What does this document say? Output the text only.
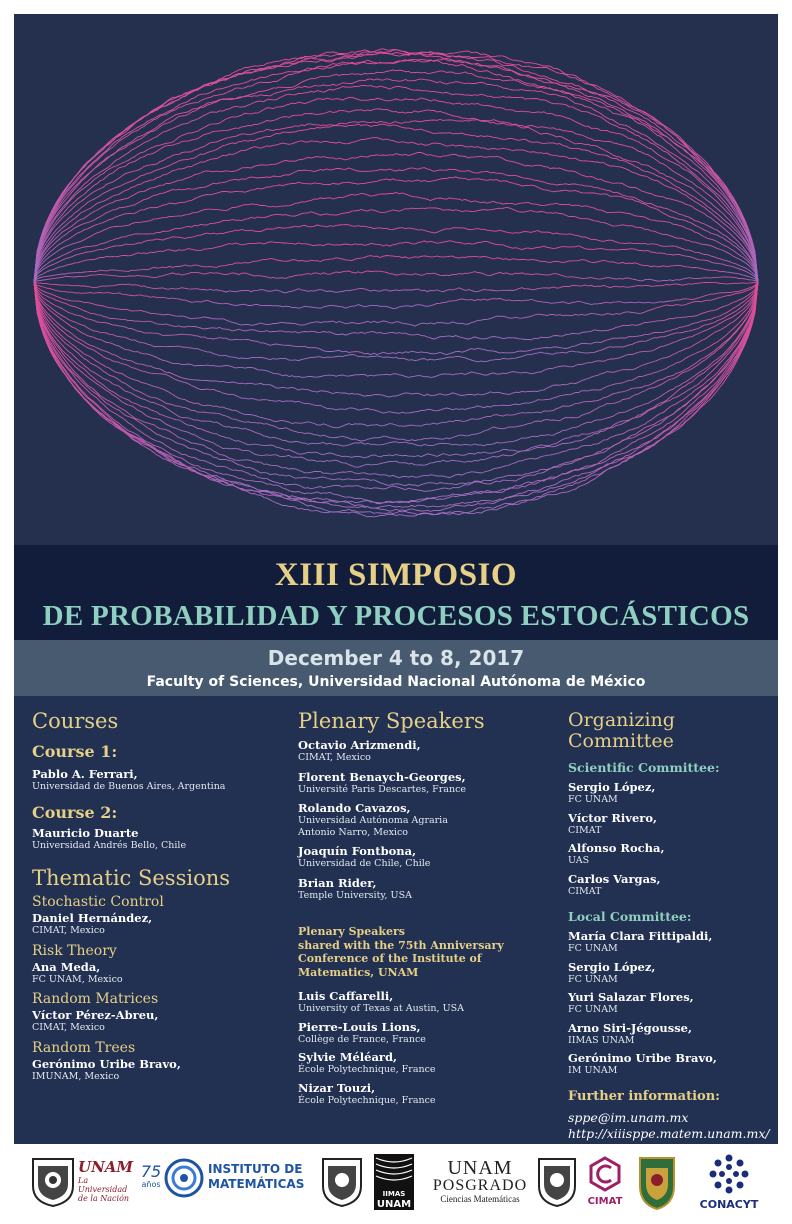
XIII SIMPOSIO
DE PROBABILIDAD Y PROCESOS ESTOCÁSTICOS
December 4 to 8, 2017
Faculty of Sciences, Universidad Nacional Autónoma de México
Courses
Course 1:
Pablo A. Ferrari,
Universidad de Buenos Aires, Argentina
Course 2:
Mauricio Duarte
Universidad Andrés Bello, Chile
Thematic Sessions
Stochastic Control
Daniel Hernández,
CIMAT, Mexico
Risk Theory
Ana Meda,
FC UNAM, Mexico
Random Matrices
Víctor Pérez-Abreu,
CIMAT, Mexico
Random Trees
Gerónimo Uribe Bravo,
IMUNAM, Mexico
Plenary Speakers
Octavio Arizmendi,
CIMAT, Mexico
Florent Benaych-Georges,
Université Paris Descartes, France
Rolando Cavazos,
Universidad Autónoma Agraria
Antonio Narro, Mexico
Joaquín Fontbona,
Universidad de Chile, Chile
Brian Rider,
Temple University, USA
Plenary Speakers
shared with the 75th Anniversary
Conference of the Institute of
Matematics, UNAM
Luis Caffarelli,
University of Texas at Austin, USA
Pierre-Louis Lions,
Collège de France, France
Sylvie Méléard,
École Polytechnique, France
Nizar Touzi,
École Polytechnique, France
Organizing
Committee
Scientific Committee:
Sergio López,
FC UNAM
Víctor Rivero,
CIMAT
Alfonso Rocha,
UAS
Carlos Vargas,
CIMAT
Local Committee:
María Clara Fittipaldi,
FC UNAM
Sergio López,
FC UNAM
Yuri Salazar Flores,
FC UNAM
Arno Siri-Jégousse,
IIMAS UNAM
Gerónimo Uribe Bravo,
IM UNAM
Further information:
sppe@im.unam.mx
http://xiiisppe.matem.unam.mx/
UNAM
La Universidad de la Nación
75
años
INSTITUTO DE
MATEMÁTICAS
IIMAS
UNAM
UNAM
POSGRADO
Ciencias Matemáticas	CIMAT	CONACYT
